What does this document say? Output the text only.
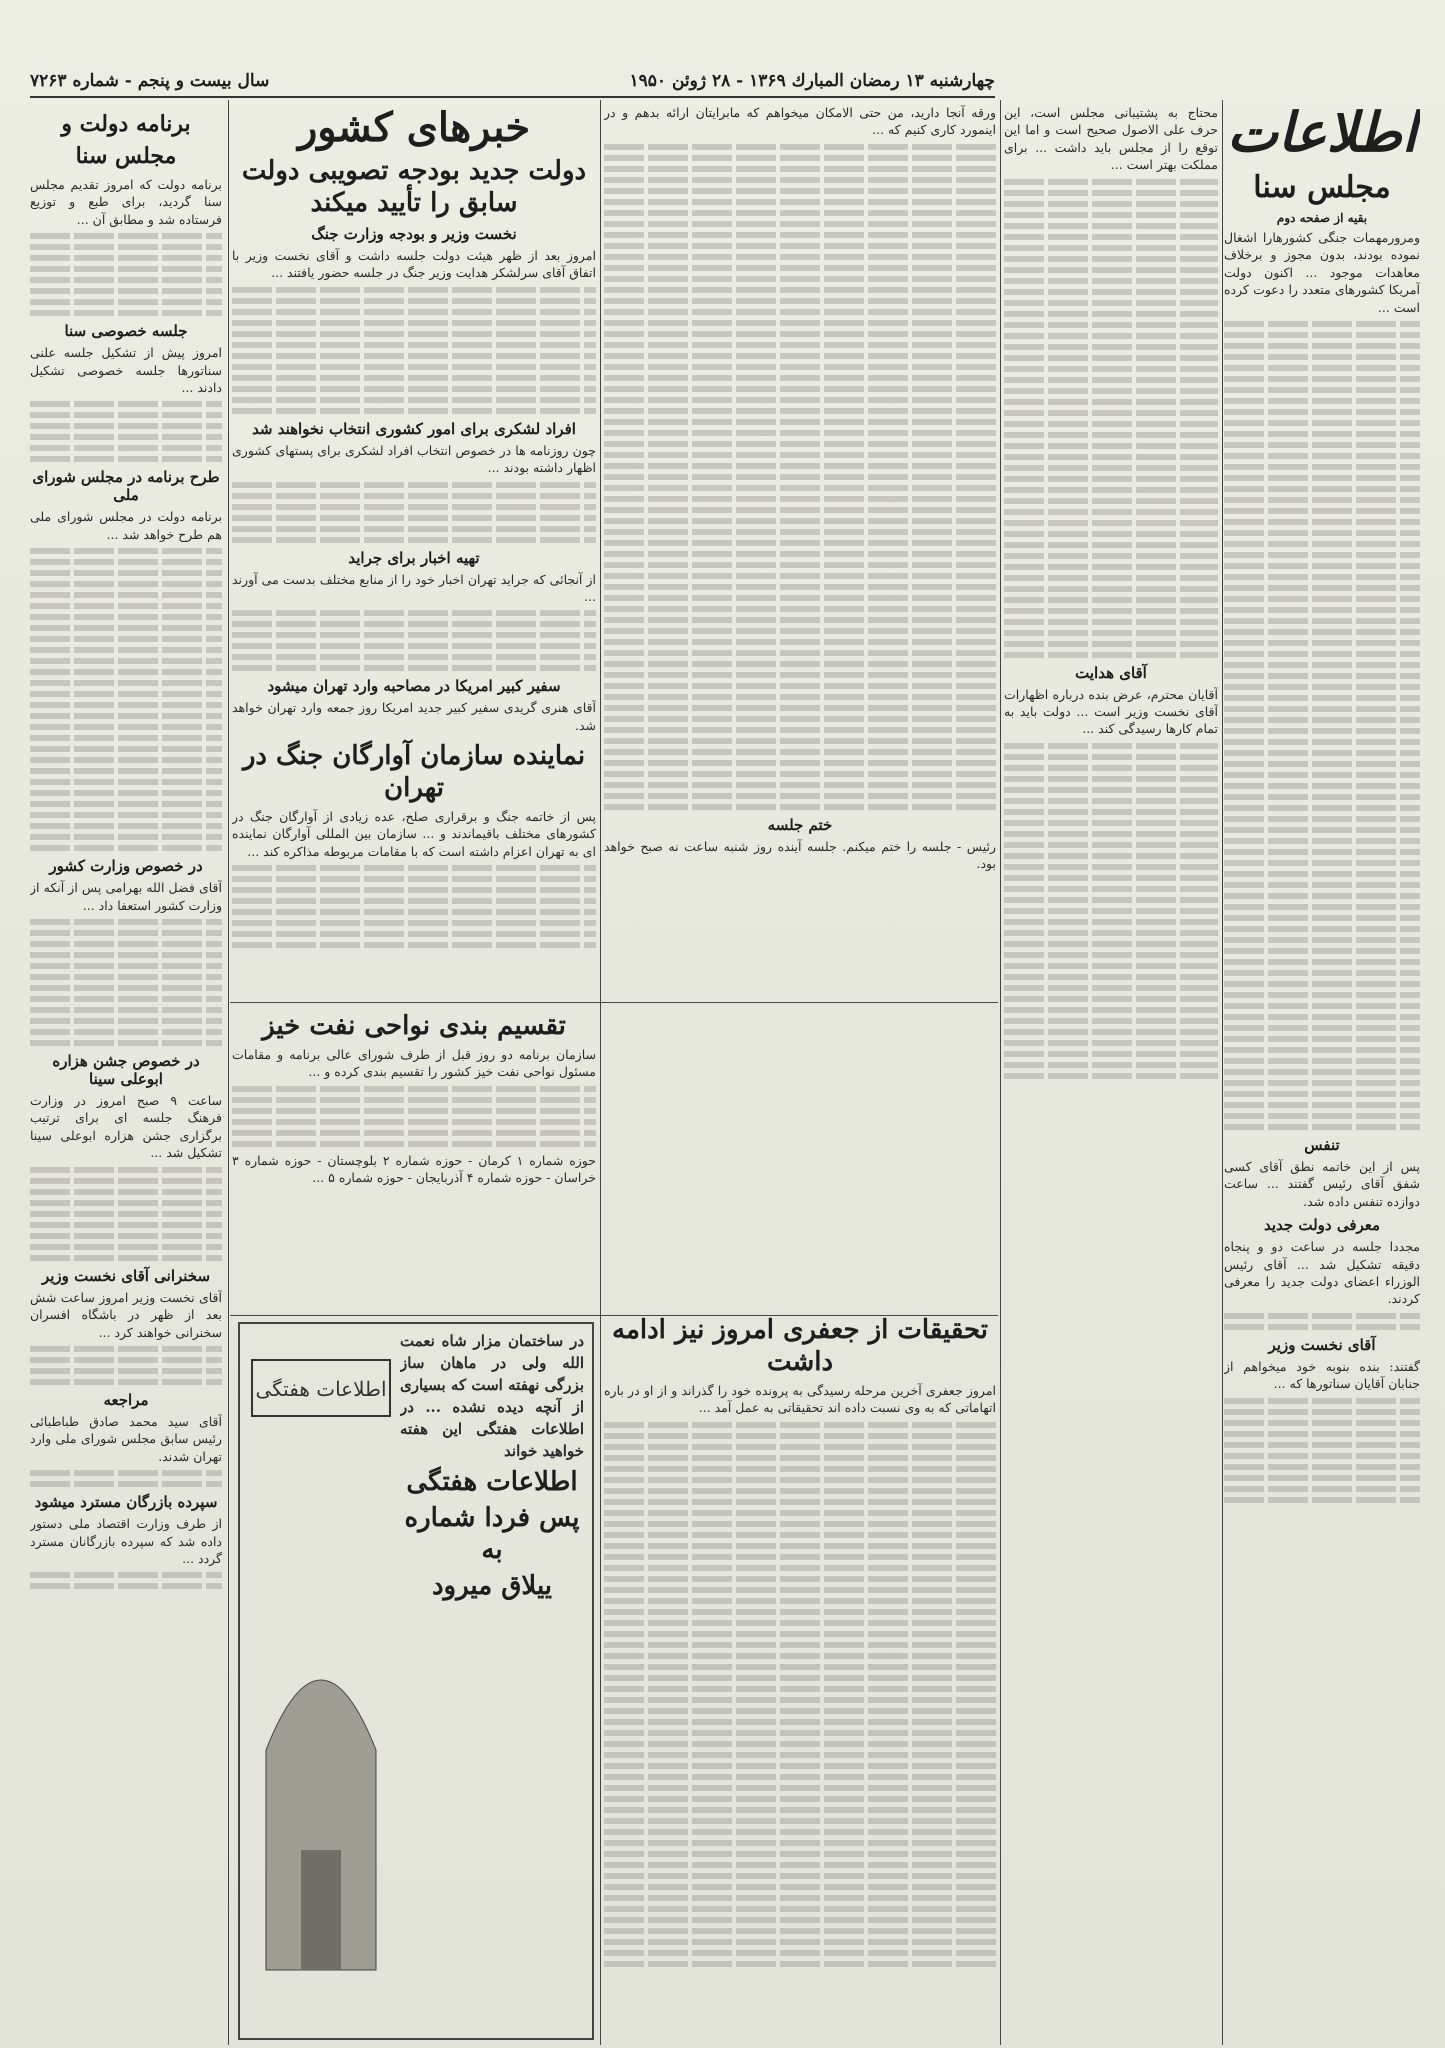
چهارشنبه ۱۳ رمضان المبارك ۱۳۶۹ - ۲۸ ژوئن ۱۹۵۰
سال بیست و پنجم - شماره ۷۲۶۳
اطلاعات
مجلس سنا
بقیه از صفحه دوم

ومرورمهمات جنگی کشورهارا اشغال نموده بودند، بدون مجوز و برخلاف معاهدات موجود ... اکنون دولت آمریکا کشورهای متعدد را دعوت کرده است ...

تنفس

پس از این خاتمه نطق آقای کسی شفق آقای رئیس گفتند ... ساعت دوازده تنفس داده شد.

معرفی دولت جدید

مجددا جلسه در ساعت دو و پنجاه دقیقه تشکیل شد ... آقای رئیس الوزراء اعضای دولت جدید را معرفی کردند.

آقای نخست وزیر

گفتند: بنده بنوبه خود میخواهم از جنابان آقایان سناتورها که ...

محتاج به پشتیبانی مجلس است، این حرف علی الاصول صحیح است و اما این توقع را از مجلس باید داشت ... برای مملکت بهتر است ...

آقای هدایت

آقایان محترم، عرض بنده درباره اظهارات آقای نخست وزیر است ... دولت باید به تمام کارها رسیدگی کند ...

ورقه آنجا دارید، من حتی الامکان میخواهم که مابرایتان ارائه بدهم و در اینمورد کاری کنیم که ...

ختم جلسه

رئیس - جلسه را ختم میکنم. جلسه آینده روز شنبه ساعت نه صبح خواهد بود.

خبرهای کشور
دولت جدید بودجه تصویبی دولت سابق را تأیید میکند
نخست وزیر و بودجه وزارت جنگ

امروز بعد از ظهر هیئت دولت جلسه داشت و آقای نخست وزیر با اتفاق آقای سرلشکر هدایت وزیر جنگ در جلسه حضور یافتند ...

افراد لشکری برای امور کشوری انتخاب نخواهند شد

چون روزنامه ها در خصوص انتخاب افراد لشکری برای پستهای کشوری اظهار داشته بودند ...

تهیه اخبار برای جراید

از آنجائی که جراید تهران اخبار خود را از منابع مختلف بدست می آورند ...

سفیر کبیر امریکا در مصاحبه وارد تهران میشود

آقای هنری گریدی سفیر کبیر جدید امریکا روز جمعه وارد تهران خواهد شد.

نماینده سازمان آوارگان جنگ در تهران

پس از خاتمه جنگ و برقراری صلح، عده زیادی از آوارگان جنگ در کشورهای مختلف باقیماندند و ... سازمان بین المللی آوارگان نماینده ای به تهران اعزام داشته است که با مقامات مربوطه مذاکره کند ...

تقسیم بندی نواحی نفت خیز

سازمان برنامه دو روز قبل از طرف شورای عالی برنامه و مقامات مسئول نواحی نفت خیز کشور را تقسیم بندی کرده و ...

حوزه شماره ۱ کرمان - حوزه شماره ۲ بلوچستان - حوزه شماره ۳ خراسان - حوزه شماره ۴ آذربایجان - حوزه شماره ۵ ...

اطلاعات هفتگی

در ساختمان مزار شاه نعمت الله ولی در ماهان ساز بزرگی نهفته است که بسیاری از آنچه دیده نشده ... در اطلاعات هفتگی این هفته خواهید خواند

اطلاعات هفتگی
پس فردا شماره به
ییلاق میرود
تحقیقات از جعفری امروز نیز ادامه داشت

امروز جعفری آخرین مرحله رسیدگی به پرونده خود را گذراند و از او در باره اتهاماتی که به وی نسبت داده اند تحقیقاتی به عمل آمد ...

برنامه دولت و مجلس سنا

برنامه دولت که امروز تقدیم مجلس سنا گردید، برای طبع و توزیع فرستاده شد و مطابق آن ...

جلسه خصوصی سنا

امروز پیش از تشکیل جلسه علنی سناتورها جلسه خصوصی تشکیل دادند ...

طرح برنامه در مجلس شورای ملی

برنامه دولت در مجلس شورای ملی هم طرح خواهد شد ...

در خصوص وزارت کشور

آقای فضل الله بهرامی پس از آنکه از وزارت کشور استعفا داد ...

در خصوص جشن هزاره ابوعلی سینا

ساعت ۹ صبح امروز در وزارت فرهنگ جلسه ای برای ترتیب برگزاری جشن هزاره ابوعلی سینا تشکیل شد ...

سخنرانی آقای نخست وزیر

آقای نخست وزیر امروز ساعت شش بعد از ظهر در باشگاه افسران سخنرانی خواهند کرد ...

مراجعه

آقای سید محمد صادق طباطبائی رئیس سابق مجلس شورای ملی وارد تهران شدند.

سپرده بازرگان مسترد میشود

از طرف وزارت اقتصاد ملی دستور داده شد که سپرده بازرگانان مسترد گردد ...
